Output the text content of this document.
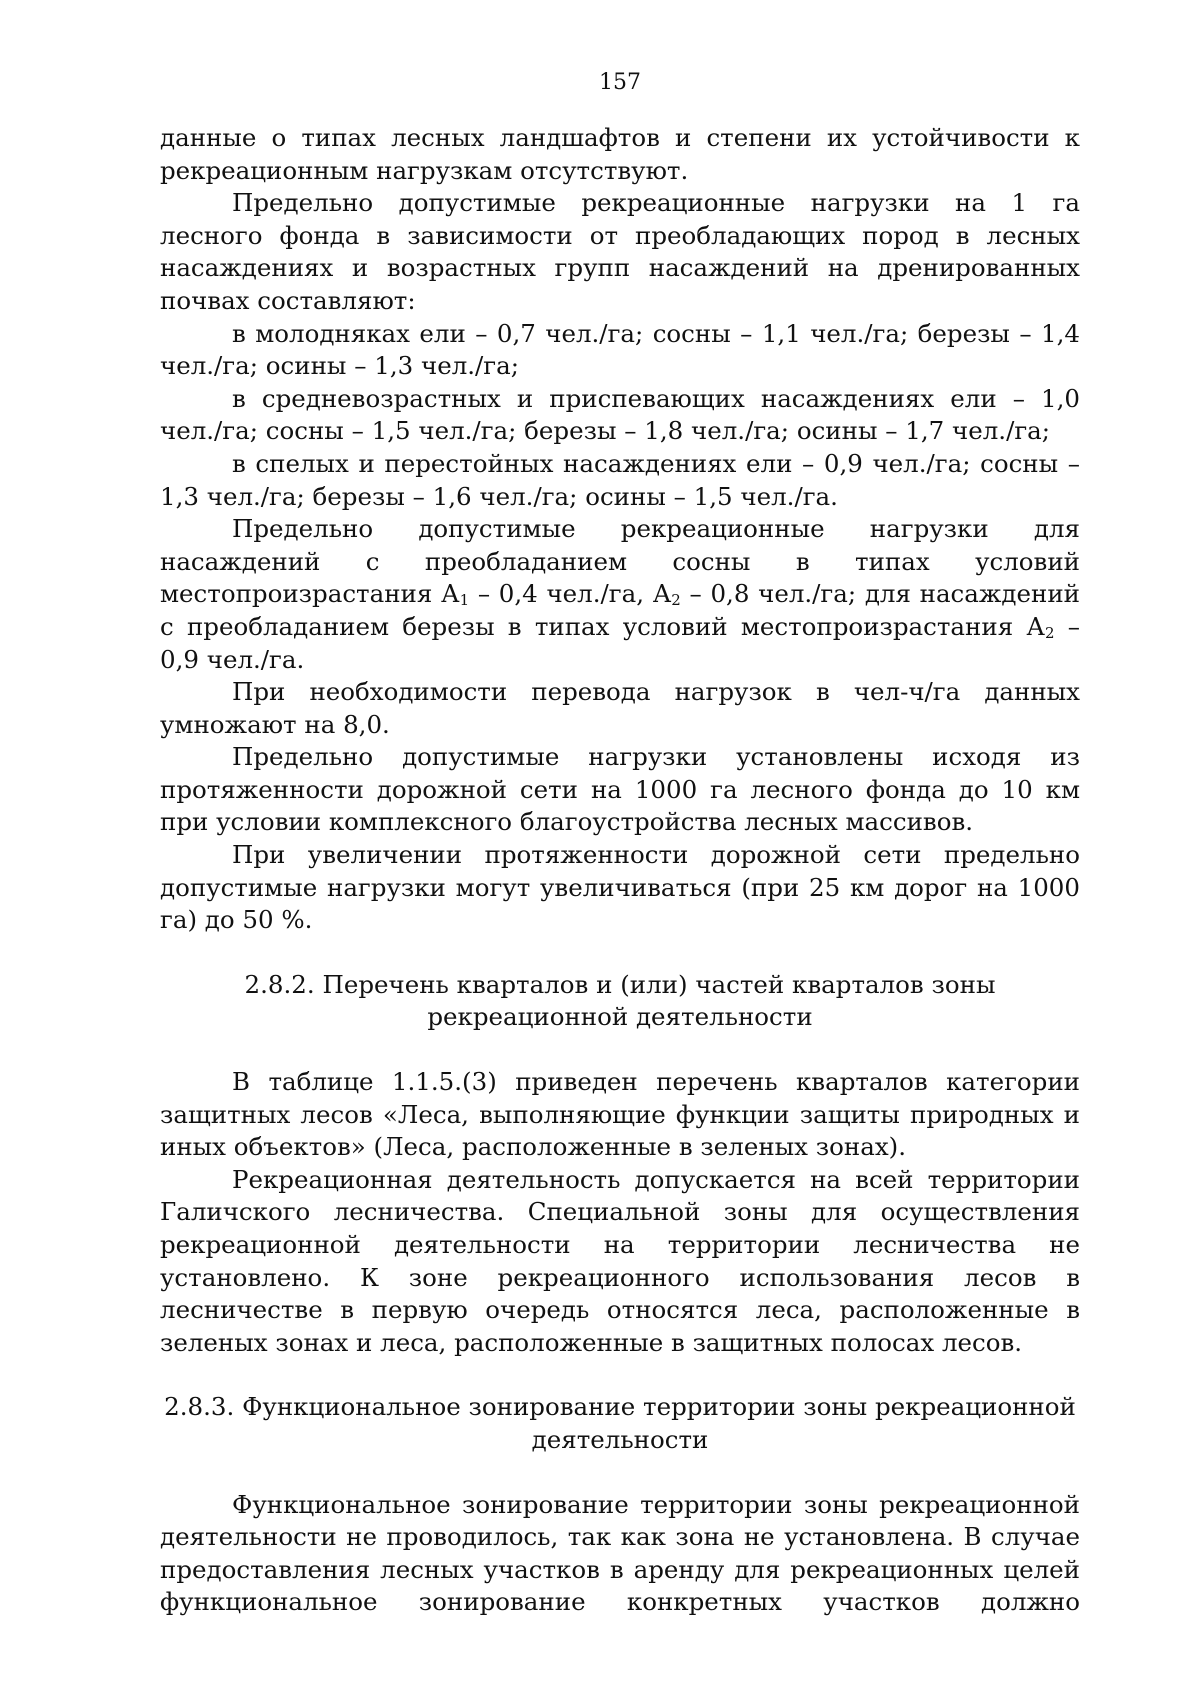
157

данные о типах лесных ландшафтов и степени их устойчивости к рекреационным нагрузкам отсутствуют.

Предельно допустимые рекреационные нагрузки на 1 га лесного фонда в зависимости от преобладающих пород в лесных насаждениях и возрастных групп насаждений на дренированных почвах составляют:

в молодняках ели – 0,7 чел./га; сосны – 1,1 чел./га; березы – 1,4 чел./га; осины – 1,3 чел./га;

в средневозрастных и приспевающих насаждениях ели – 1,0 чел./га; сосны – 1,5 чел./га; березы – 1,8 чел./га; осины – 1,7 чел./га;

в спелых и перестойных насаждениях ели – 0,9 чел./га; сосны – 1,3 чел./га; березы – 1,6 чел./га; осины – 1,5 чел./га.

Предельно допустимые рекреационные нагрузки для насаждений с преобладанием сосны в типах условий местопроизрастания $А_1 - 0,4$ чел./га, $А_2 - 0,8$ чел./га; для насаждений с преобладанием березы в типах условий местопроизрастания $А_2 - 0,9$ чел./га.

При необходимости перевода нагрузок в чел-ч/га данных умножают на 8,0.

Предельно допустимые нагрузки установлены исходя из протяженности дорожной сети на 1000 га лесного фонда до 10 км при условии комплексного благоустройства лесных массивов.

При увеличении протяженности дорожной сети предельно допустимые нагрузки могут увеличиваться (при 25 км дорог на 1000 га) до 50 %.

2.8.2. Перечень кварталов и (или) частей кварталов зоны рекреационной деятельности

В таблице 1.1.5.(3) приведен перечень кварталов категории защитных лесов «Леса, выполняющие функции защиты природных и иных объектов» (Леса, расположенные в зеленых зонах).

Рекреационная деятельность допускается на всей территории Галичского лесничества. Специальной зоны для осуществления рекреационной деятельности на территории лесничества не установлено. К зоне рекреационного использования лесов в лесничестве в первую очередь относятся леса, расположенные в зеленых зонах и леса, расположенные в защитных полосах лесов.

2.8.3. Функциональное зонирование территории зоны рекреационной деятельности

Функциональное зонирование территории зоны рекреационной деятельности не проводилось, так как зона не установлена. В случае предоставления лесных участков в аренду для рекреационных целей функциональное зонирование конкретных участков должно
